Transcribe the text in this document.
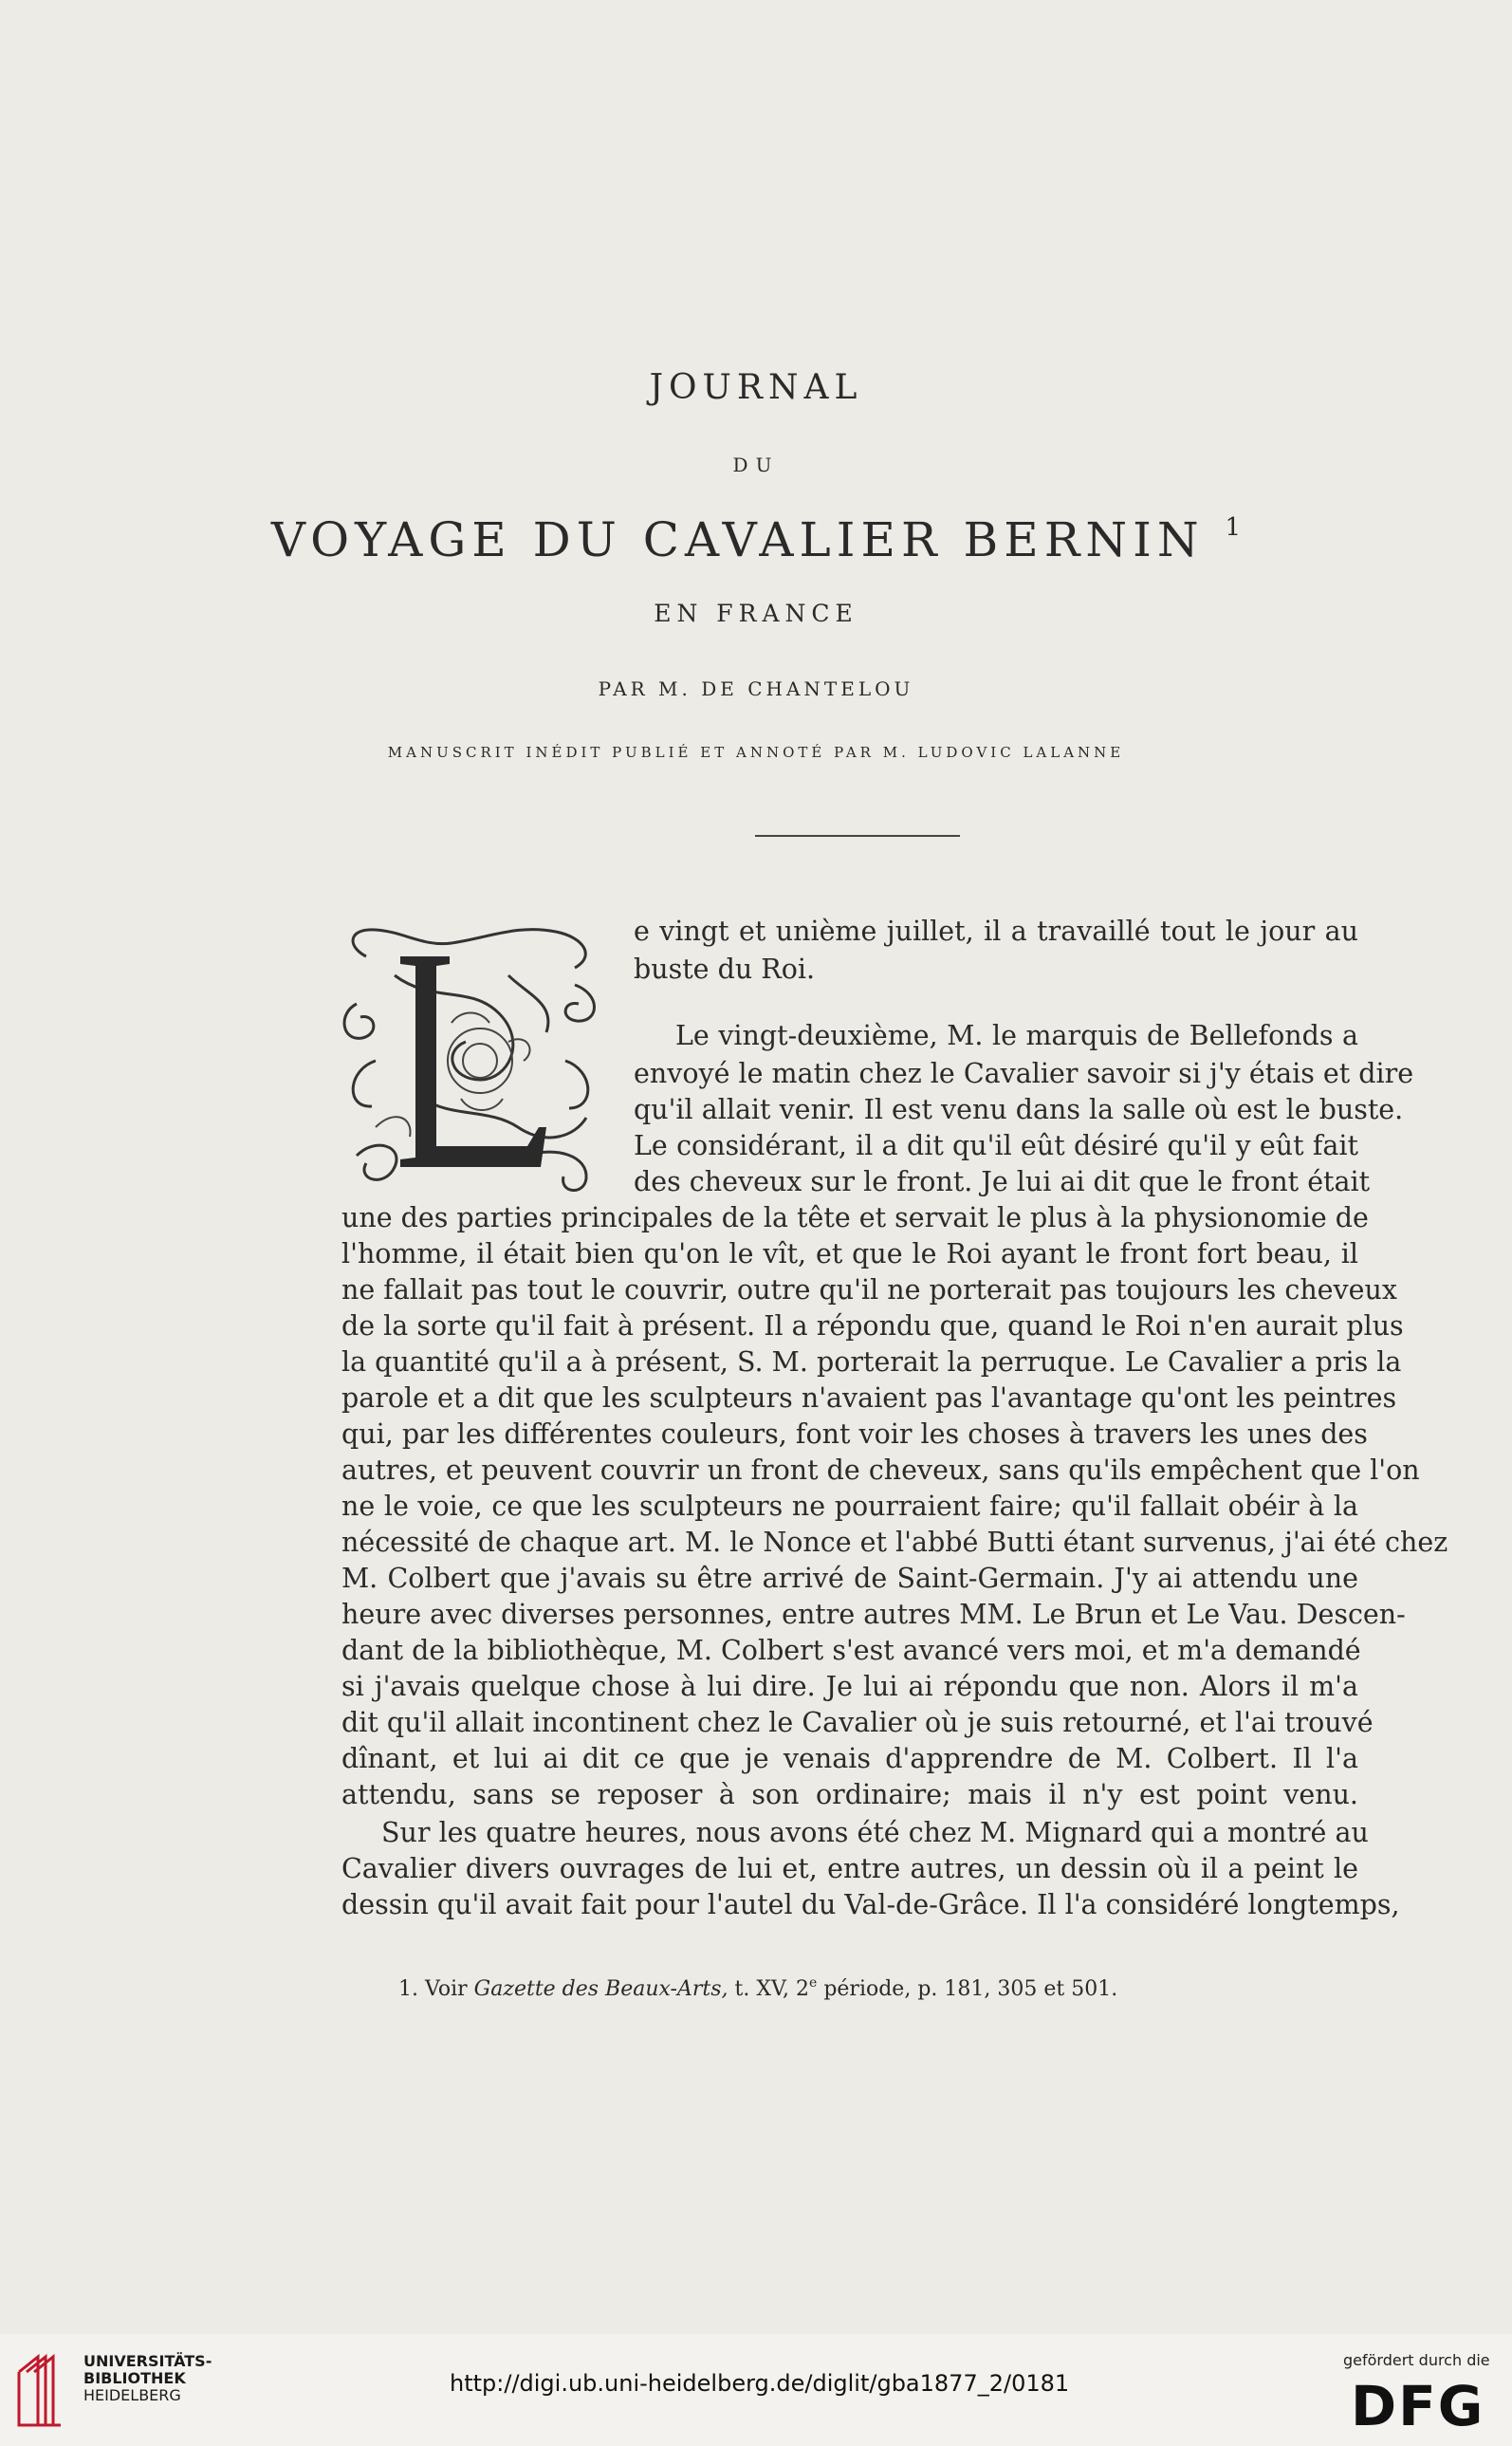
JOURNAL
DU
VOYAGE DU CAVALIER BERNIN $^1$
EN FRANCE
PAR M. DE CHANTELOU
MANUSCRIT INÉDIT PUBLIÉ ET ANNOTÉ PAR M. LUDOVIC LALANNE
e vingt et unième juillet, il a travaillé tout le jour au
buste du Roi.
Le vingt-deuxième, M. le marquis de Bellefonds a
envoyé le matin chez le Cavalier savoir si j'y étais et dire
qu'il allait venir. Il est venu dans la salle où est le buste.
Le considérant, il a dit qu'il eût désiré qu'il y eût fait
des cheveux sur le front. Je lui ai dit que le front était
une des parties principales de la tête et servait le plus à la physionomie de
l'homme, il était bien qu'on le vît, et que le Roi ayant le front fort beau, il
ne fallait pas tout le couvrir, outre qu'il ne porterait pas toujours les cheveux
de la sorte qu'il fait à présent. Il a répondu que, quand le Roi n'en aurait plus
la quantité qu'il a à présent, S. M. porterait la perruque. Le Cavalier a pris la
parole et a dit que les sculpteurs n'avaient pas l'avantage qu'ont les peintres
qui, par les différentes couleurs, font voir les choses à travers les unes des
autres, et peuvent couvrir un front de cheveux, sans qu'ils empêchent que l'on
ne le voie, ce que les sculpteurs ne pourraient faire; qu'il fallait obéir à la
nécessité de chaque art. M. le Nonce et l'abbé Butti étant survenus, j'ai été chez
M. Colbert que j'avais su être arrivé de Saint-Germain. J'y ai attendu une
heure avec diverses personnes, entre autres MM. Le Brun et Le Vau. Descen-
dant de la bibliothèque, M. Colbert s'est avancé vers moi, et m'a demandé
si j'avais quelque chose à lui dire. Je lui ai répondu que non. Alors il m'a
dit qu'il allait incontinent chez le Cavalier où je suis retourné, et l'ai trouvé
dînant, et lui ai dit ce que je venais d'apprendre de M. Colbert. Il l'a
attendu, sans se reposer à son ordinaire; mais il n'y est point venu.
Sur les quatre heures, nous avons été chez M. Mignard qui a montré au
Cavalier divers ouvrages de lui et, entre autres, un dessin où il a peint le
dessin qu'il avait fait pour l'autel du Val-de-Grâce. Il l'a considéré longtemps,
1. Voir Gazette des Beaux-Arts, t. XV, 2e période, p. 181, 305 et 501.
UNIVERSITÄTS-
BIBLIOTHEK
HEIDELBERG	http://digi.ub.uni-heidelberg.de/diglit/gba1877_2/0181
gefördert durch die
DFG
